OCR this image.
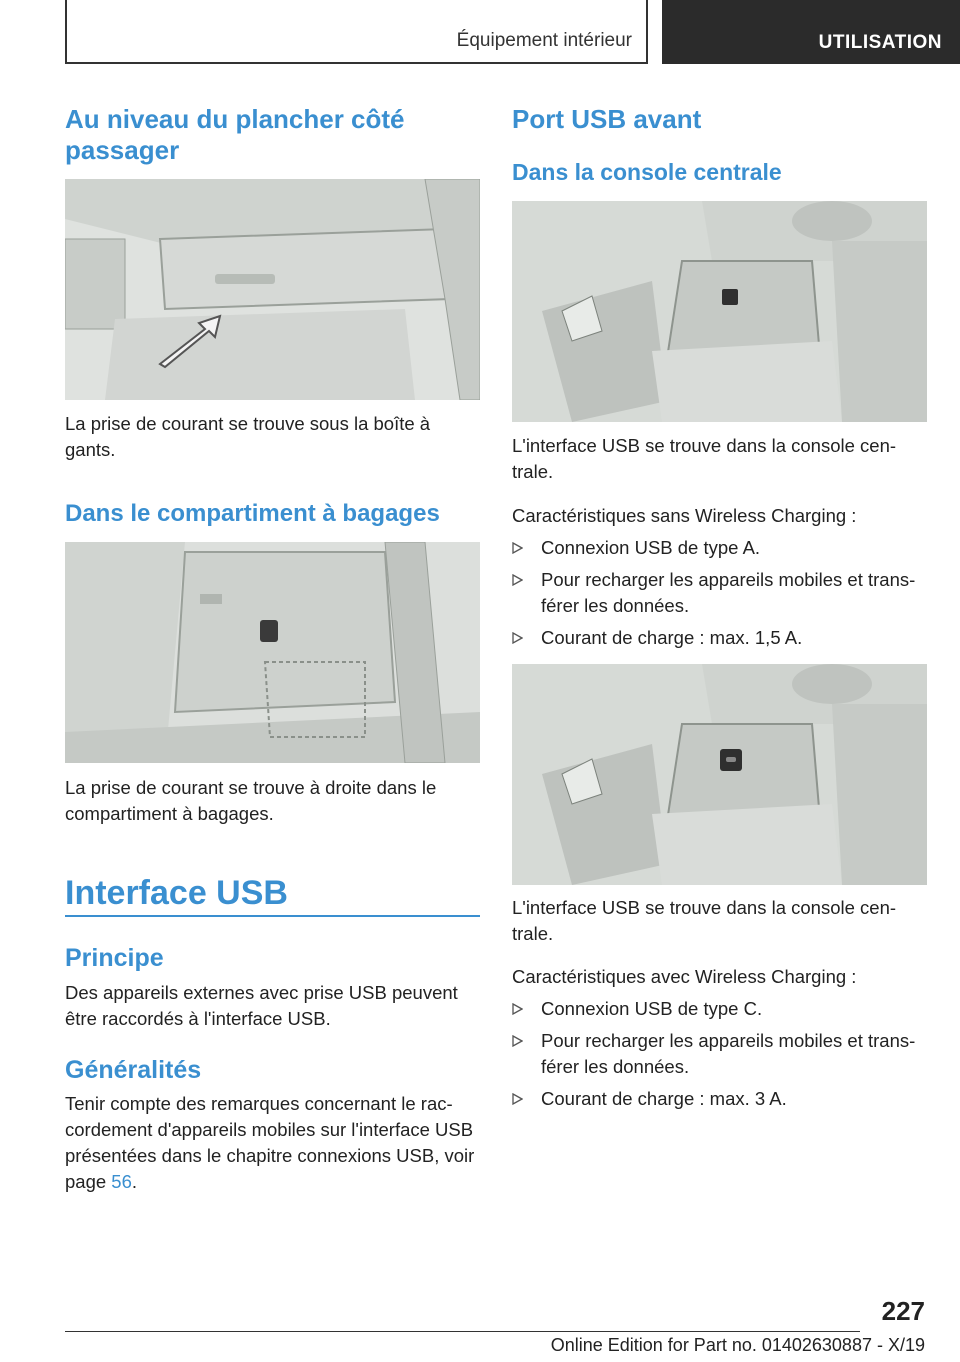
Équipement intérieur	UTILISATION
Au niveau du plancher côté passager

La prise de courant se trouve sous la boîte à gants.

Dans le compartiment à bagages

La prise de courant se trouve à droite dans le compartiment à bagages.

Interface USB
Principe

Des appareils externes avec prise USB peuvent être raccordés à l'interface USB.

Généralités

Tenir compte des remarques concernant le raccordement d'appareils mobiles sur l'interface USB présentées dans le chapitre connexions USB, voir page 56.

Port USB avant
Dans la console centrale

L'interface USB se trouve dans la console centrale.

Caractéristiques sans Wireless Charging :

Connexion USB de type A.
Pour recharger les appareils mobiles et transférer les données.
Courant de charge : max. 1,5 A.

L'interface USB se trouve dans la console centrale.

Caractéristiques avec Wireless Charging :

Connexion USB de type C.
Pour recharger les appareils mobiles et transférer les données.
Courant de charge : max. 3 A.
227
Online Edition for Part no. 01402630887 - X/19
